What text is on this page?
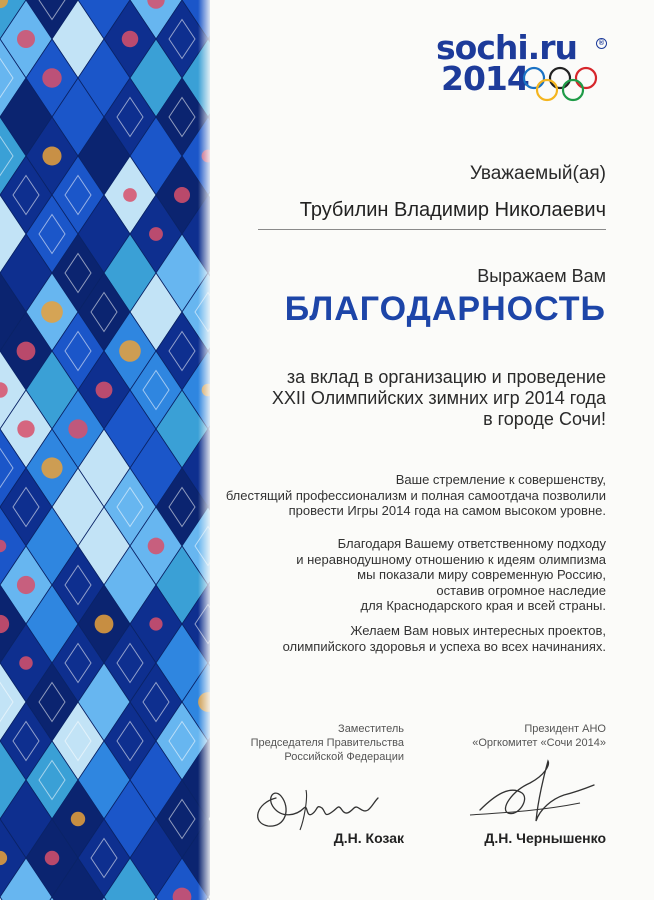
sochi.ru	®
2014
Уважаемый(ая)
Трубилин Владимир Николаевич
Выражаем Вам
БЛАГОДАРНОСТЬ
за вклад в организацию и проведение
XXII Олимпийских зимних игр 2014 года
в городе Сочи!
Ваше стремление к совершенству,
блестящий профессионализм и полная самоотдача позволили
провести Игры 2014 года на самом высоком уровне.
Благодаря Вашему ответственному подходу
и неравнодушному отношению к идеям олимпизма
мы показали миру современную Россию,
оставив огромное наследие
для Краснодарского края и всей страны.
Желаем Вам новых интересных проектов,
олимпийского здоровья и успеха во всех начинаниях.
Заместитель
Председателя Правительства
Российской Федерации
Президент АНО
«Оргкомитет «Сочи 2014»
Д.Н. Козак	Д.Н. Чернышенко
